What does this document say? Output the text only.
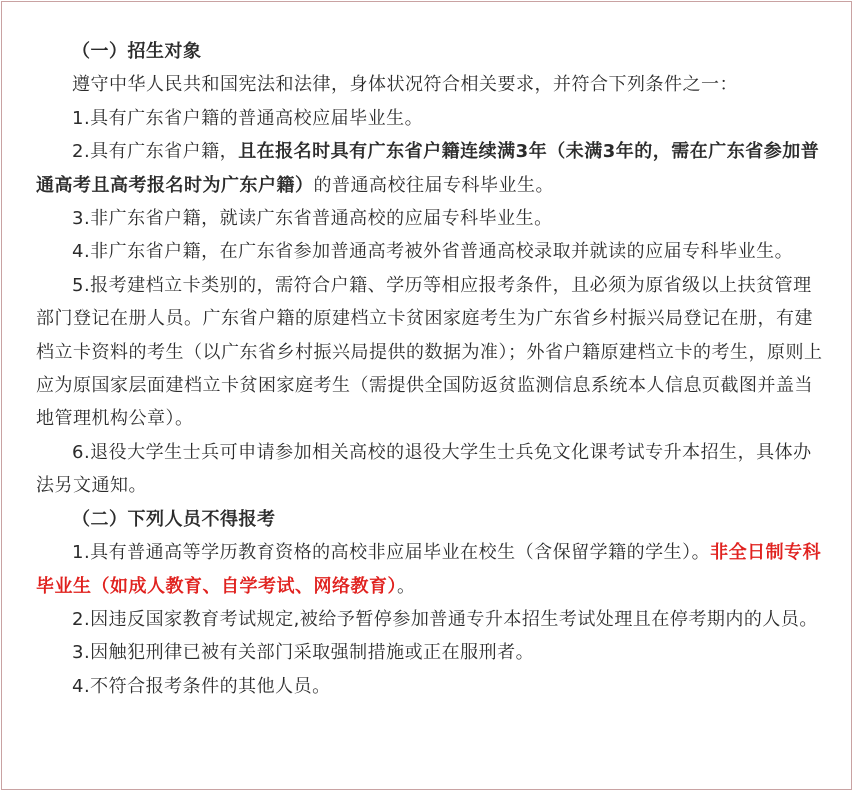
（一）招生对象

遵守中华人民共和国宪法和法律，身体状况符合相关要求，并符合下列条件之一：

1.具有广东省户籍的普通高校应届毕业生。

2.具有广东省户籍，且在报名时具有广东省户籍连续满3年（未满3年的，需在广东省参加普通高考且高考报名时为广东户籍）的普通高校往届专科毕业生。

3.非广东省户籍，就读广东省普通高校的应届专科毕业生。

4.非广东省户籍，在广东省参加普通高考被外省普通高校录取并就读的应届专科毕业生。

5.报考建档立卡类别的，需符合户籍、学历等相应报考条件，且必须为原省级以上扶贫管理部门登记在册人员。广东省户籍的原建档立卡贫困家庭考生为广东省乡村振兴局登记在册，有建档立卡资料的考生（以广东省乡村振兴局提供的数据为准）；外省户籍原建档立卡的考生，原则上应为原国家层面建档立卡贫困家庭考生（需提供全国防返贫监测信息系统本人信息页截图并盖当地管理机构公章）。

6.退役大学生士兵可申请参加相关高校的退役大学生士兵免文化课考试专升本招生，具体办法另文通知。

（二）下列人员不得报考

1.具有普通高等学历教育资格的高校非应届毕业在校生（含保留学籍的学生）。非全日制专科毕业生（如成人教育、自学考试、网络教育）。

2.因违反国家教育考试规定,被给予暂停参加普通专升本招生考试处理且在停考期内的人员。

3.因触犯刑律已被有关部门采取强制措施或正在服刑者。

4.不符合报考条件的其他人员。
